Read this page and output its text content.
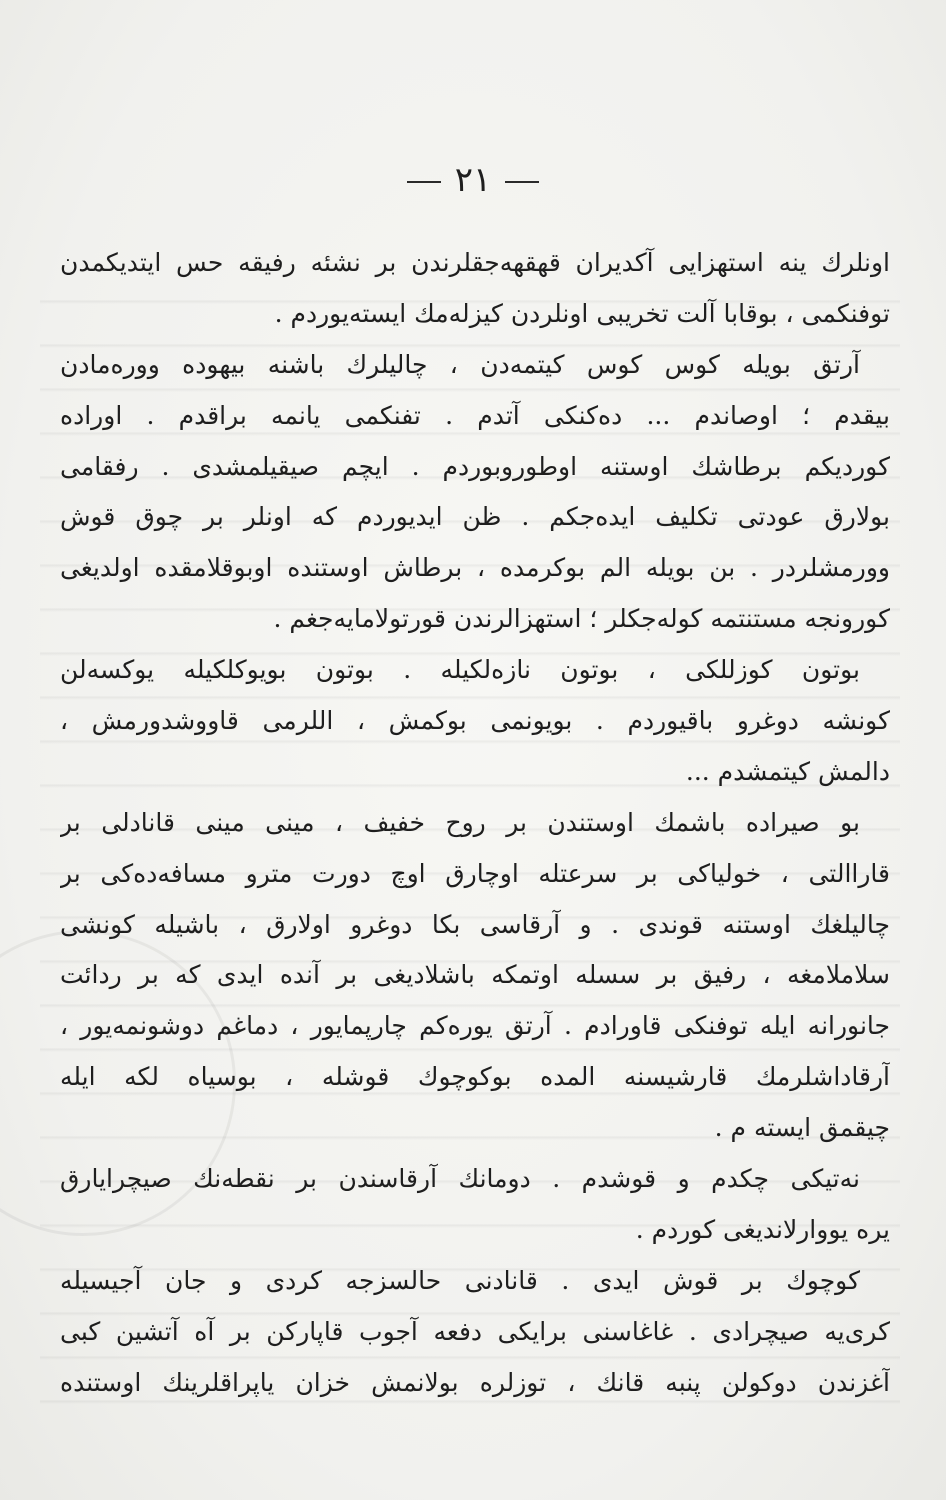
٢١
اونلرك ينه استهزايى آكديران قهقهه‌جقلرندن بر نشئه رفيقه حس ايتديكمدن
توفنكمى ، بوقابا آلت تخريبى اونلردن كيزله‌مك ايسته‌يوردم .
آرتق بويله كوس كوس كيتمه‌دن ، چاليلرك باشنه بيهوده ووره‌مادن
بيقدم ؛ اوصاندم ... ده‌كنكى آتدم . تفنكمى يانمه براقدم . اوراده
كورديكم برطاشك اوستنه اوطوروبوردم . ايچم صيقيلمشدى . رفقامى
بولارق عودتى تكليف ايده‌جكم . ظن ايديوردم كه اونلر بر چوق قوش
وورمشلردر . بن بويله الم بوكرمده ، برطاش اوستنده اوبوقلامقده اولديغى
كورونجه مستنتمه كوله‌جكلر ؛ استهزالرندن قورتولامايه‌جغم .
بوتون كوزللكى ، بوتون نازه‌لكيله . بوتون بويوكلكيله يوكسه‌لن
كونشه دوغرو باقيوردم . بويونمى بوكمش ، اللرمى قاووشدورمش ،
دالمش كيتمشدم ...
بو صيراده باشمك اوستندن بر روح خفيف ، مينى مينى قانادلى بر
قاراالتى ، خولياكى بر سرعتله اوچارق اوچ دورت مترو مسافه‌ده‌كى بر
چاليلغك اوستنه قوندى . و آرقاسى بكا دوغرو اولارق ، باشيله كونشى
سلاملامغه ، رفيق بر سسله اوتمكه باشلاديغى بر آنده ايدى كه بر ردائت
جانورانه ايله توفنكى قاورادم . آرتق يوره‌كم چارپمايور ، دماغم دوشونمه‌يور ،
آرقاداشلرمك قارشيسنه المده بوكوچوك قوشله ، بوسياه لكه ايله
چيقمق ايسته م .
نه‌تيكى چكدم و قوشدم . دومانك آرقاسندن بر نقطه‌نك صيچرايارق
يره يووارلانديغى كوردم .
كوچوك بر قوش ايدى . قانادنى حالسزجه كردى و جان آجيسيله
كرى‌يه صيچرادى . غاغاسنى برايكى دفعه آجوب قاپاركن بر آه آتشين كبى
آغزندن دوكولن پنبه قانك ، توزلره بولانمش خزان ياپراقلرينك اوستنده
